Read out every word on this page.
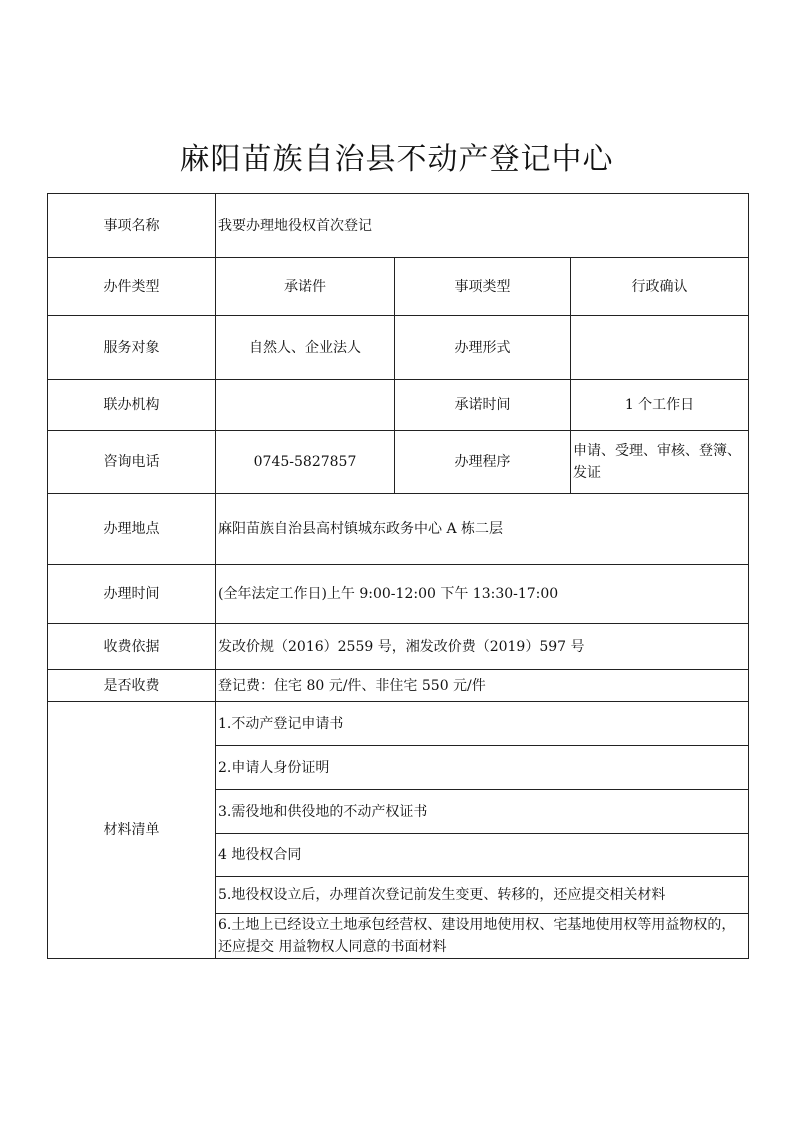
麻阳苗族自治县不动产登记中心
事项名称	我要办理地役权首次登记		
办件类型	承诺件	事项类型	行政确认
服务对象	自然人、企业法人	办理形式	
联办机构		承诺时间	1 个工作日
咨询电话	0745-5827857	办理程序	申请、受理、审核、登簿、发证
办理地点	麻阳苗族自治县高村镇城东政务中心 A 栋二层		
办理时间	(全年法定工作日)上午 9:00-12:00 下午 13:30-17:00		
收费依据	发改价规（2016）2559 号，湘发改价费（2019）597 号		
是否收费	登记费：住宅 80 元/件、非住宅 550 元/件		
材料清单	1.不动产登记申请书		
	2.申请人身份证明		
	3.需役地和供役地的不动产权证书		
	4 地役权合同		
	5.地役权设立后，办理首次登记前发生变更、转移的，还应提交相关材料		
	6.土地上已经设立土地承包经营权、建设用地使用权、宅基地使用权等用益物权的，还应提交 用益物权人同意的书面材料		
